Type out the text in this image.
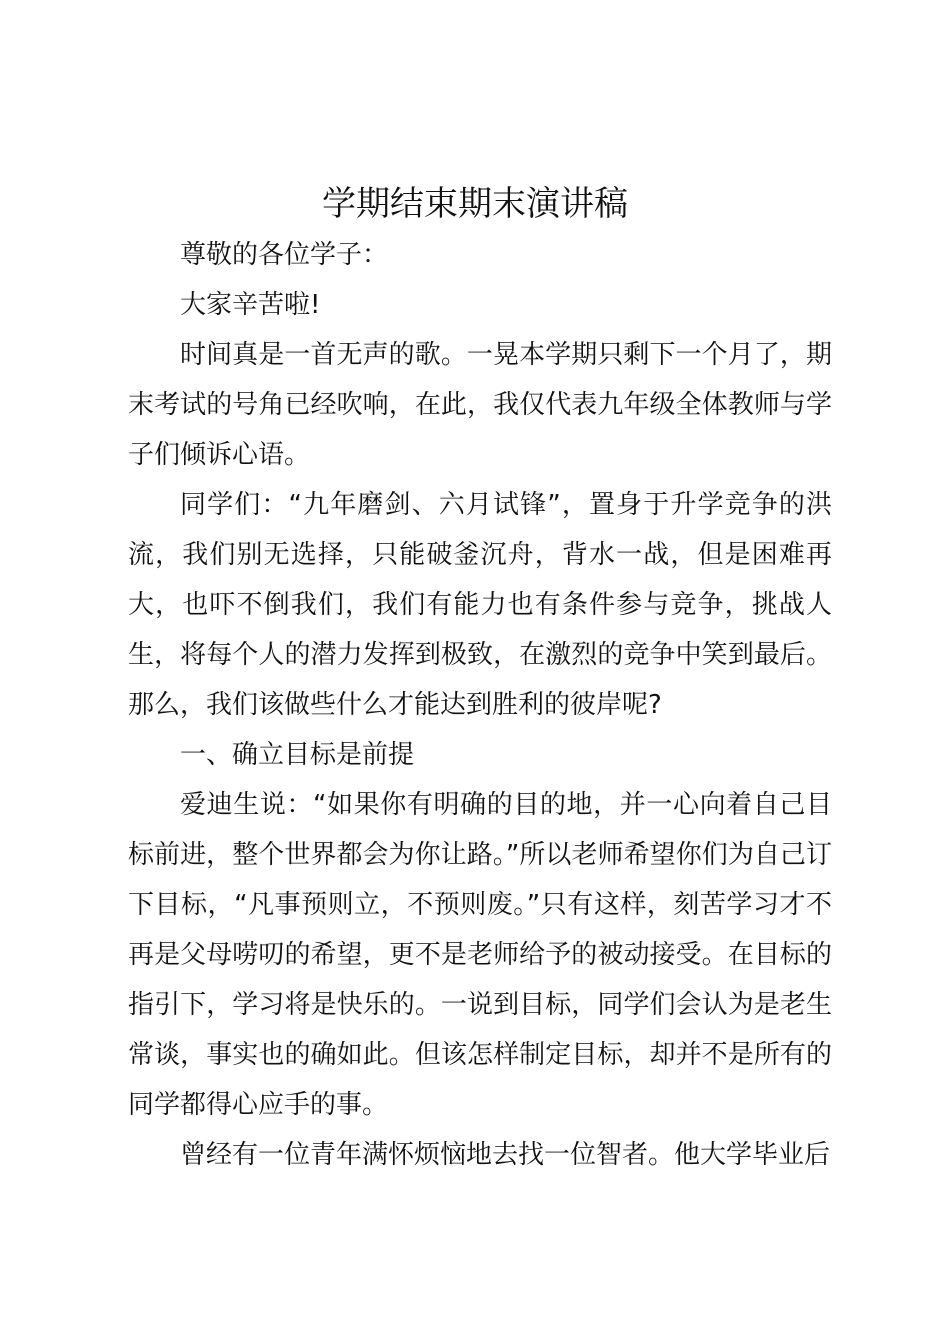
学期结束期末演讲稿

尊敬的各位学子：

大家辛苦啦!

时间真是一首无声的歌。一晃本学期只剩下一个月了，期末考试的号角已经吹响，在此，我仅代表九年级全体教师与学子们倾诉心语。

同学们：“九年磨剑、六月试锋”，置身于升学竞争的洪流，我们别无选择，只能破釜沉舟，背水一战，但是困难再大，也吓不倒我们，我们有能力也有条件参与竞争，挑战人生，将每个人的潜力发挥到极致，在激烈的竞争中笑到最后。那么，我们该做些什么才能达到胜利的彼岸呢?

一、确立目标是前提

爱迪生说：“如果你有明确的目的地，并一心向着自己目标前进，整个世界都会为你让路。”所以老师希望你们为自己订下目标，“凡事预则立，不预则废。”只有这样，刻苦学习才不再是父母唠叨的希望，更不是老师给予的被动接受。在目标的指引下，学习将是快乐的。一说到目标，同学们会认为是老生常谈，事实也的确如此。但该怎样制定目标，却并不是所有的同学都得心应手的事。

曾经有一位青年满怀烦恼地去找一位智者。他大学毕业后
